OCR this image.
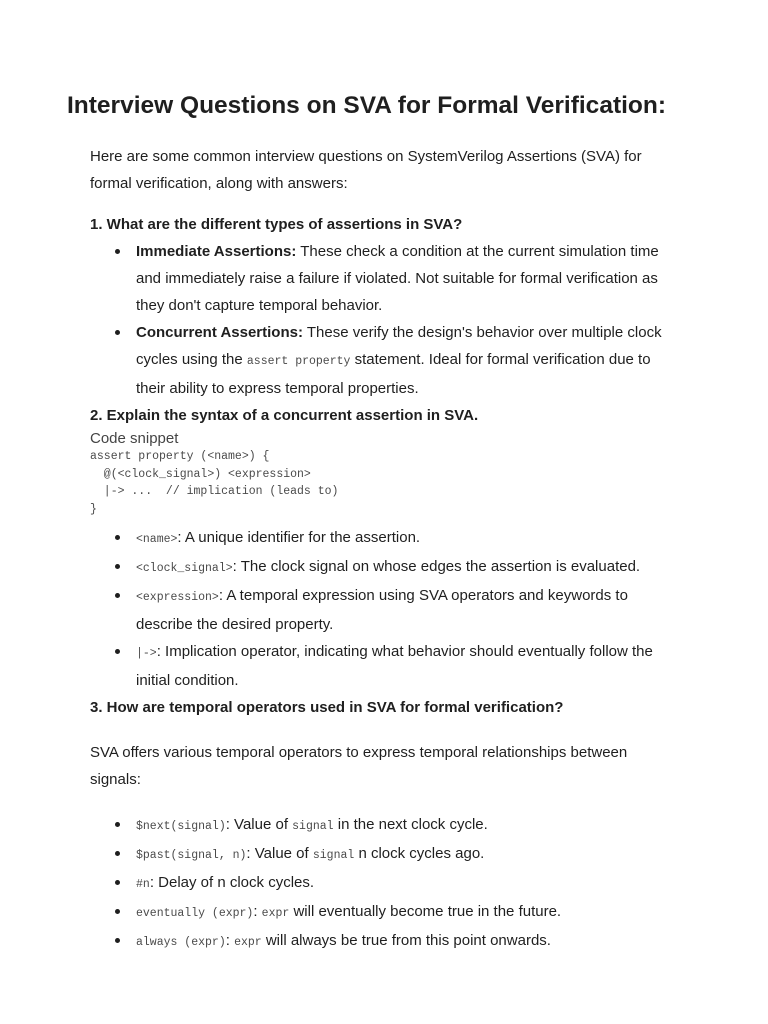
Interview Questions on SVA for Formal Verification:

Here are some common interview questions on SystemVerilog Assertions (SVA) for formal verification, along with answers:

1. What are the different types of assertions in SVA?

Immediate Assertions: These check a condition at the current simulation time and immediately raise a failure if violated. Not suitable for formal verification as they don't capture temporal behavior.
Concurrent Assertions: These verify the design's behavior over multiple clock cycles using the assert property statement. Ideal for formal verification due to their ability to express temporal properties.

2. Explain the syntax of a concurrent assertion in SVA.

Code snippet
assert property (<name>) {
@(<clock_signal>) <expression>
|-> ...  // implication (leads to)
}
<name>: A unique identifier for the assertion.
<clock_signal>: The clock signal on whose edges the assertion is evaluated.
<expression>: A temporal expression using SVA operators and keywords to describe the desired property.
|->: Implication operator, indicating what behavior should eventually follow the initial condition.

3. How are temporal operators used in SVA for formal verification?

SVA offers various temporal operators to express temporal relationships between signals:

$next(signal): Value of signal in the next clock cycle.
$past(signal, n): Value of signal n clock cycles ago.
#n: Delay of n clock cycles.
eventually (expr): expr will eventually become true in the future.
always (expr): expr will always be true from this point onwards.
